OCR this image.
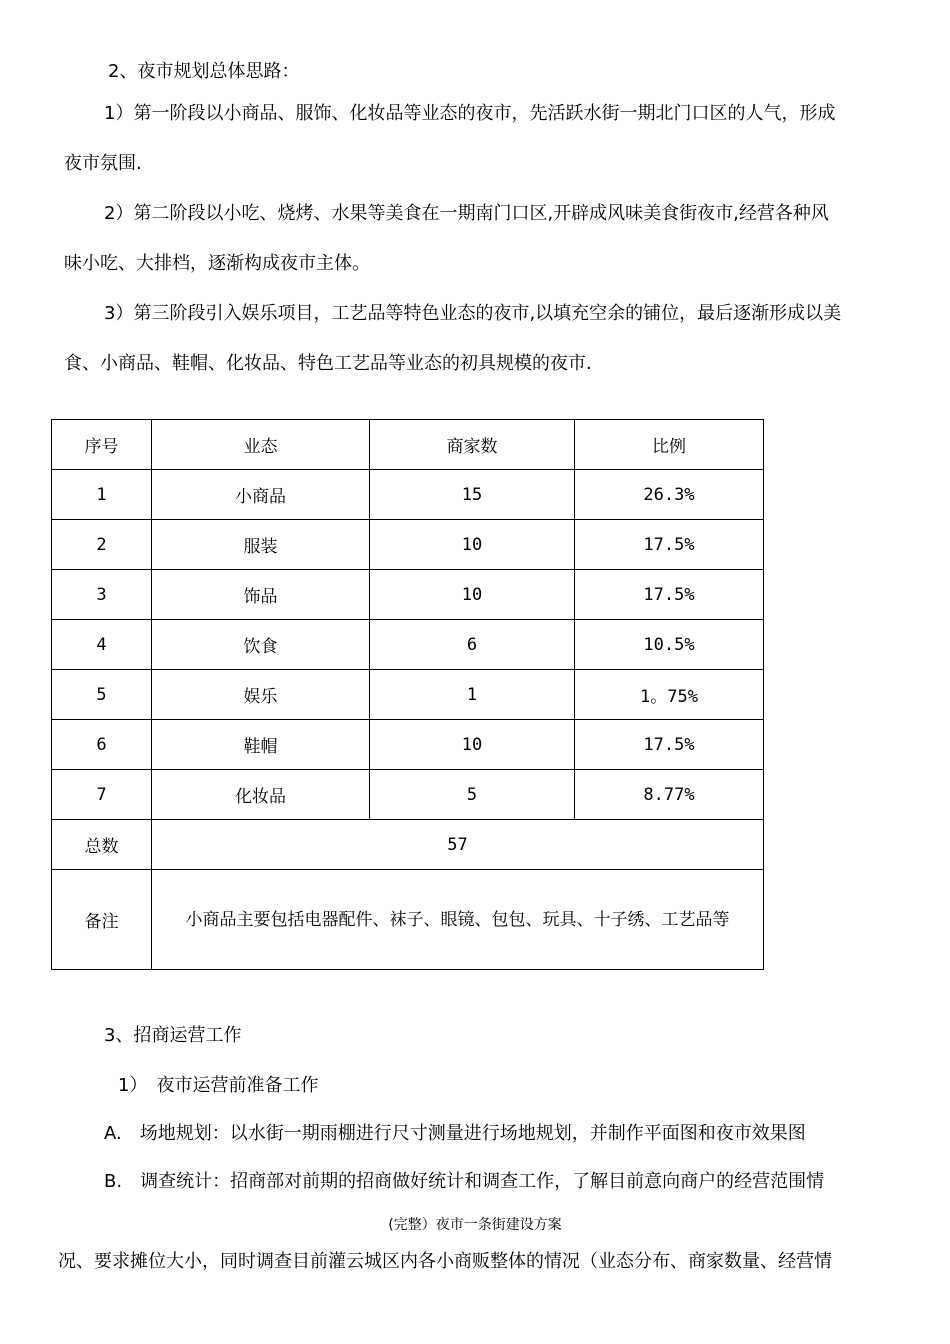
2、夜市规划总体思路：
1）第一阶段以小商品、服饰、化妆品等业态的夜市，先活跃水街一期北门口区的人气，形成
夜市氛围.
2）第二阶段以小吃、烧烤、水果等美食在一期南门口区,开辟成风味美食街夜市,经营各种风
味小吃、大排档，逐渐构成夜市主体。
3）第三阶段引入娱乐项目，工艺品等特色业态的夜市,以填充空余的铺位，最后逐渐形成以美
食、小商品、鞋帽、化妆品、特色工艺品等业态的初具规模的夜市.
序号	业态	商家数	比例
1	小商品	15	26.3%
2	服装	10	17.5%
3	饰品	10	17.5%
4	饮食	6	10.5%
5	娱乐	1	1。75%
6	鞋帽	10	17.5%
7	化妆品	5	8.77%
总数	57		
备注	小商品主要包括电器配件、袜子、眼镜、包包、玩具、十子绣、工艺品等		
3、招商运营工作
1）　夜市运营前准备工作
A.　场地规划：以水街一期雨棚进行尺寸测量进行场地规划，并制作平面图和夜市效果图
B.　调查统计：招商部对前期的招商做好统计和调查工作，了解目前意向商户的经营范围情
(完整）夜市一条街建设方案
况、要求摊位大小，同时调查目前灌云城区内各小商贩整体的情况（业态分布、商家数量、经营情
